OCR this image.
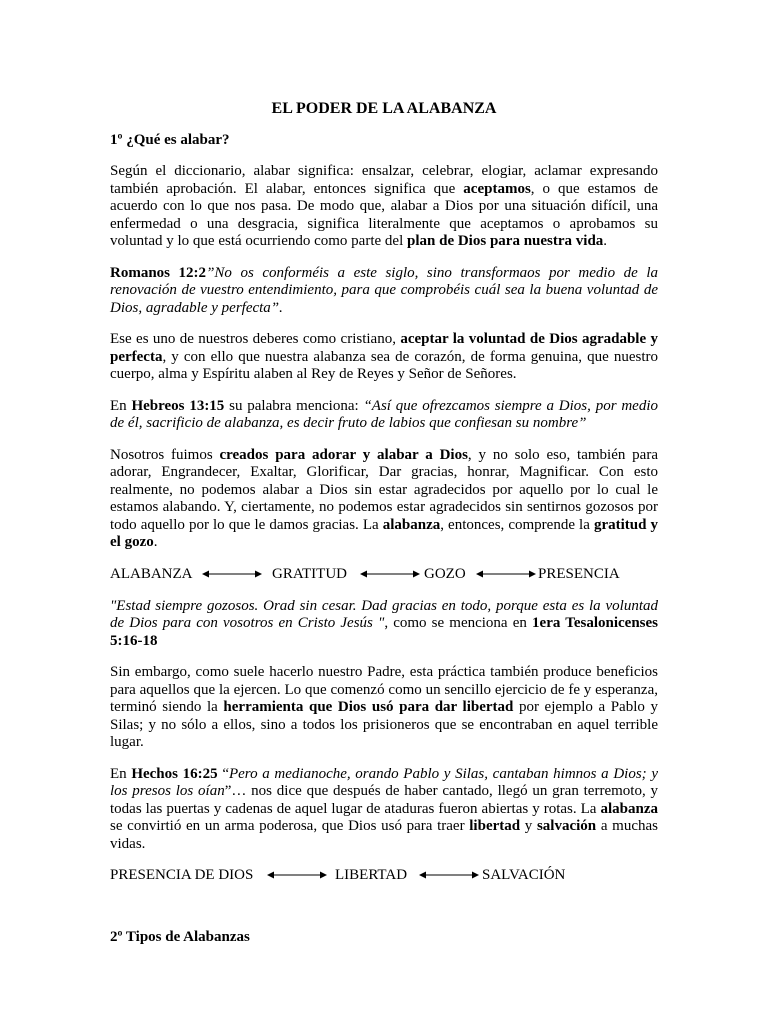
EL PODER DE LA ALABANZA
1º ¿Qué es alabar?

Según el diccionario, alabar significa: ensalzar, celebrar, elogiar, aclamar expresando también aprobación. El alabar, entonces significa que aceptamos, o que estamos de acuerdo con lo que nos pasa. De modo que, alabar a Dios por una situación difícil, una enfermedad o una desgracia, significa literalmente que aceptamos o aprobamos su voluntad y lo que está ocurriendo como parte del plan de Dios para nuestra vida.

Romanos 12:2”No os conforméis a este siglo, sino transformaos por medio de la renovación de vuestro entendimiento, para que comprobéis cuál sea la buena voluntad de Dios, agradable y perfecta”.

Ese es uno de nuestros deberes como cristiano, aceptar la voluntad de Dios agradable y perfecta, y con ello que nuestra alabanza sea de corazón, de forma genuina, que nuestro cuerpo, alma y Espíritu alaben al Rey de Reyes y Señor de Señores.

En Hebreos 13:15 su palabra menciona: “Así que ofrezcamos siempre a Dios, por medio de él, sacrificio de alabanza, es decir fruto de labios que confiesan su nombre”

Nosotros fuimos creados para adorar y alabar a Dios, y no solo eso, también para adorar, Engrandecer, Exaltar, Glorificar, Dar gracias, honrar, Magnificar. Con esto realmente, no podemos alabar a Dios sin estar agradecidos por aquello por lo cual le estamos alabando. Y, ciertamente, no podemos estar agradecidos sin sentirnos gozosos por todo aquello por lo que le damos gracias. La alabanza, entonces, comprende la gratitud y el gozo.

ALABANZA	GRATITUD	GOZO	PRESENCIA

"Estad siempre gozosos. Orad sin cesar. Dad gracias en todo, porque esta es la voluntad de Dios para con vosotros en Cristo Jesús ", como se menciona en 1era Tesalonicenses 5:16-18

Sin embargo, como suele hacerlo nuestro Padre, esta práctica también produce beneficios para aquellos que la ejercen. Lo que comenzó como un sencillo ejercicio de fe y esperanza, terminó siendo la herramienta que Dios usó para dar libertad por ejemplo a Pablo y Silas; y no sólo a ellos, sino a todos los prisioneros que se encontraban en aquel terrible lugar.

En Hechos 16:25 “Pero a medianoche, orando Pablo y Silas, cantaban himnos a Dios; y los presos los oían”… nos dice que después de haber cantado, llegó un gran terremoto, y todas las puertas y cadenas de aquel lugar de ataduras fueron abiertas y rotas. La alabanza se convirtió en un arma poderosa, que Dios usó para traer libertad y salvación a muchas vidas.

PRESENCIA DE DIOS	LIBERTAD	SALVACIÓN
2º Tipos de Alabanzas
